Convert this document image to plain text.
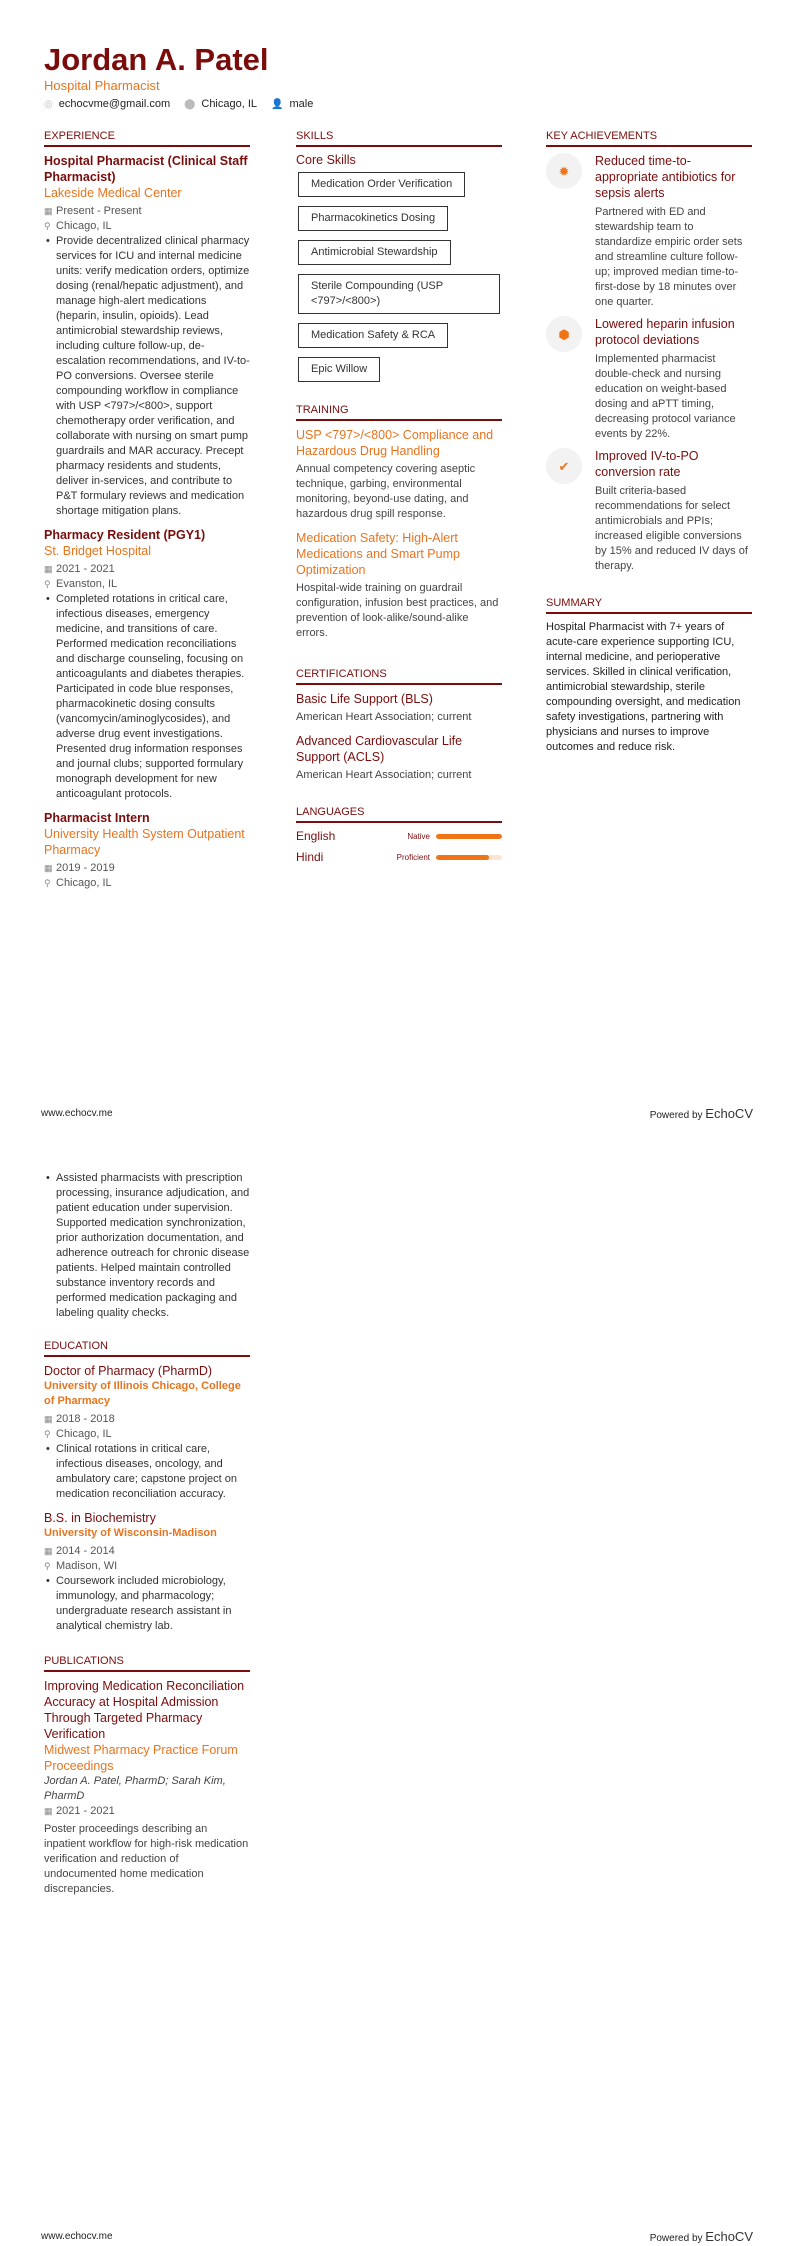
Jordan A. Patel
Hospital Pharmacist
◎ echocvme@gmail.com ⬤ Chicago, IL 👤 male
EXPERIENCE
Hospital Pharmacist (Clinical Staff Pharmacist)
Lakeside Medical Center
▦ Present - Present
⚲ Chicago, IL
• Provide decentralized clinical pharmacy services for ICU and internal medicine units: verify medication orders, optimize dosing (renal/hepatic adjustment), and manage high-alert medications (heparin, insulin, opioids). Lead antimicrobial stewardship reviews, including culture follow-up, de-escalation recommendations, and IV-to-PO conversions. Oversee sterile compounding workflow in compliance with USP <797>/<800>, support chemotherapy order verification, and collaborate with nursing on smart pump guardrails and MAR accuracy. Precept pharmacy residents and students, deliver in-services, and contribute to P&T formulary reviews and medication shortage mitigation plans.
Pharmacy Resident (PGY1)
St. Bridget Hospital
▦ 2021 - 2021
⚲ Evanston, IL
• Completed rotations in critical care, infectious diseases, emergency medicine, and transitions of care. Performed medication reconciliations and discharge counseling, focusing on anticoagulants and diabetes therapies. Participated in code blue responses, pharmacokinetic dosing consults (vancomycin/aminoglycosides), and adverse drug event investigations. Presented drug information responses and journal clubs; supported formulary monograph development for new anticoagulant protocols.
Pharmacist Intern
University Health System Outpatient Pharmacy
▦ 2019 - 2019
⚲ Chicago, IL
SKILLS
Core Skills
Medication Order Verification
Pharmacokinetics Dosing
Antimicrobial Stewardship
Sterile Compounding (USP <797>/<800>)
Medication Safety & RCA
Epic Willow
TRAINING
USP <797>/<800> Compliance and Hazardous Drug Handling
Annual competency covering aseptic technique, garbing, environmental monitoring, beyond-use dating, and hazardous drug spill response.
Medication Safety: High-Alert Medications and Smart Pump Optimization
Hospital-wide training on guardrail configuration, infusion best practices, and prevention of look-alike/sound-alike errors.
CERTIFICATIONS
Basic Life Support (BLS)
American Heart Association; current
Advanced Cardiovascular Life Support (ACLS)
American Heart Association; current
LANGUAGES
English	Native
Hindi	Proficient
KEY ACHIEVEMENTS
✹
Reduced time-to-appropriate antibiotics for sepsis alerts
Partnered with ED and stewardship team to standardize empiric order sets and streamline culture follow-up; improved median time-to-first-dose by 18 minutes over one quarter.
⬢
Lowered heparin infusion protocol deviations
Implemented pharmacist double-check and nursing education on weight-based dosing and aPTT timing, decreasing protocol variance events by 22%.
✔
Improved IV-to-PO conversion rate
Built criteria-based recommendations for select antimicrobials and PPIs; increased eligible conversions by 15% and reduced IV days of therapy.
SUMMARY
Hospital Pharmacist with 7+ years of acute-care experience supporting ICU, internal medicine, and perioperative services. Skilled in clinical verification, antimicrobial stewardship, sterile compounding oversight, and medication safety investigations, partnering with physicians and nurses to improve outcomes and reduce risk.
www.echocv.me	Powered by EchoCV
• Assisted pharmacists with prescription processing, insurance adjudication, and patient education under supervision. Supported medication synchronization, prior authorization documentation, and adherence outreach for chronic disease patients. Helped maintain controlled substance inventory records and performed medication packaging and labeling quality checks.
EDUCATION
Doctor of Pharmacy (PharmD)
University of Illinois Chicago, College of Pharmacy
▦ 2018 - 2018
⚲ Chicago, IL
• Clinical rotations in critical care, infectious diseases, oncology, and ambulatory care; capstone project on medication reconciliation accuracy.
B.S. in Biochemistry
University of Wisconsin-Madison
▦ 2014 - 2014
⚲ Madison, WI
• Coursework included microbiology, immunology, and pharmacology; undergraduate research assistant in analytical chemistry lab.
PUBLICATIONS
Improving Medication Reconciliation Accuracy at Hospital Admission Through Targeted Pharmacy Verification
Midwest Pharmacy Practice Forum Proceedings
Jordan A. Patel, PharmD; Sarah Kim, PharmD
▦ 2021 - 2021
Poster proceedings describing an inpatient workflow for high-risk medication verification and reduction of undocumented home medication discrepancies.
www.echocv.me	Powered by EchoCV
